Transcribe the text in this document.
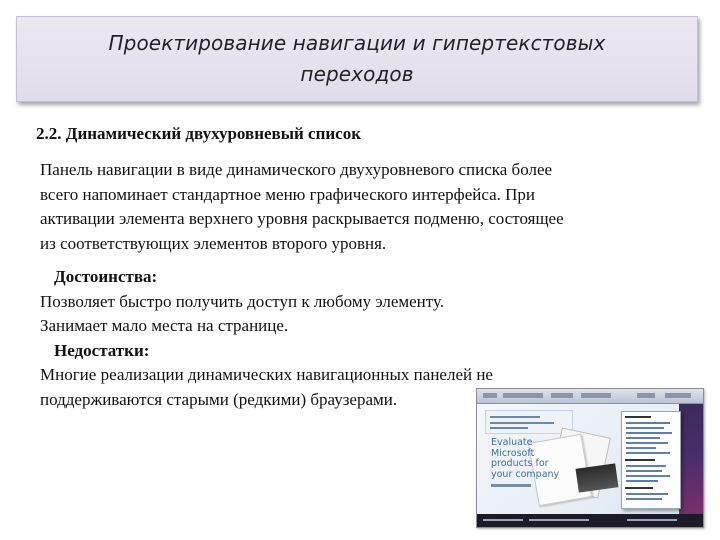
Проектирование навигации и гипертекстовых
переходов
2.2. Динамический двухуровневый список
Панель навигации в виде динамического двухуровневого списка более
всего напоминает стандартное меню графического интерфейса. При
активации элемента верхнего уровня раскрывается подменю, состоящее
из соответствующих элементов второго уровня.
Достоинства:
Позволяет быстро получить доступ к любому элементу.
Занимает мало места на странице.
Недостатки:
Многие реализации динамических навигационных панелей не
поддерживаются старыми (редкими) браузерами.
Evaluate Microsoft products for your company
